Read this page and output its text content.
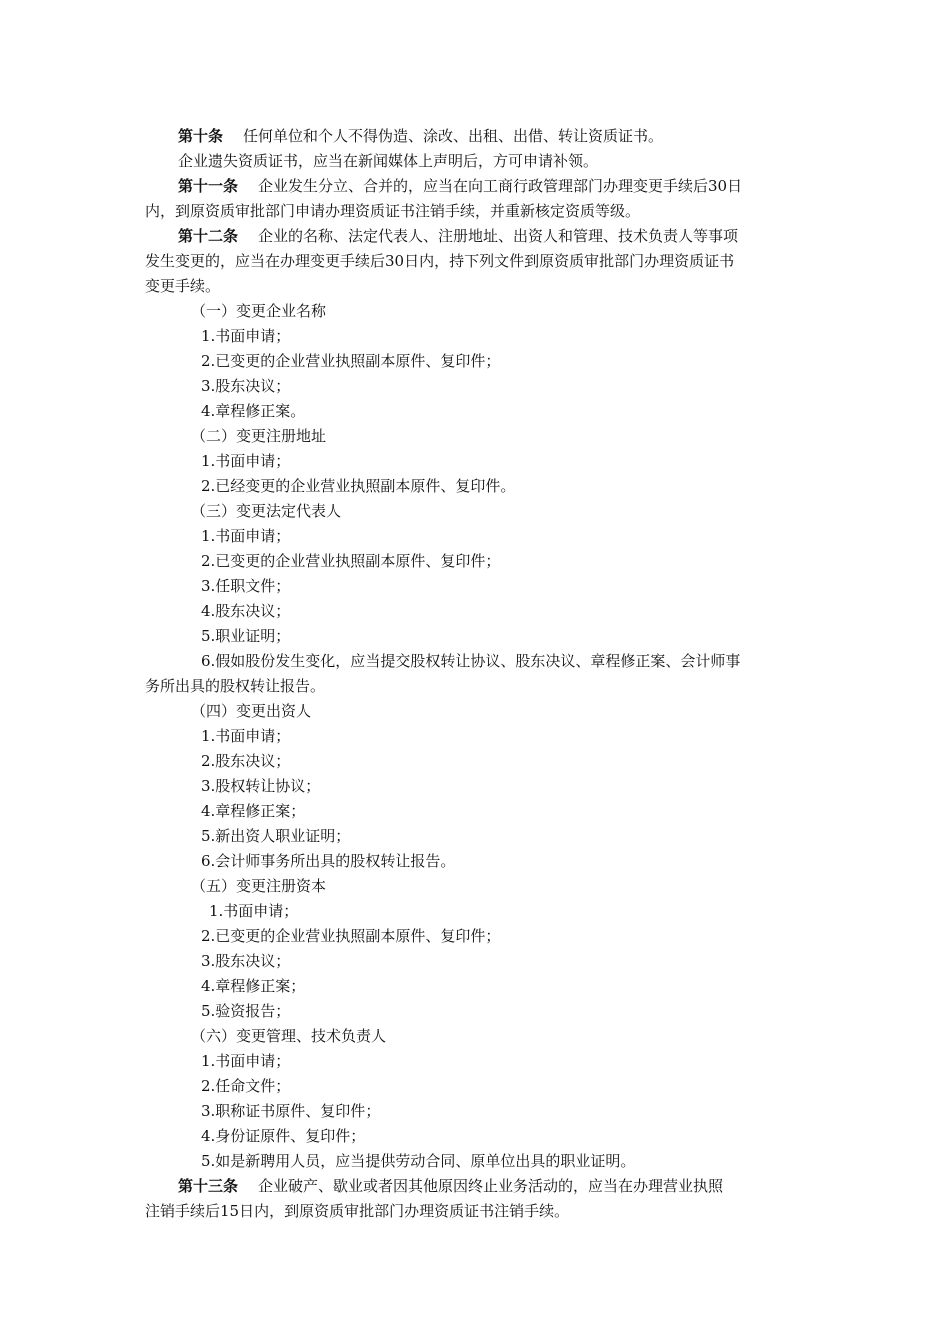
第十条 任何单位和个人不得伪造、涂改、出租、出借、转让资质证书。
企业遗失资质证书，应当在新闻媒体上声明后，方可申请补领。
第十一条 企业发生分立、合并的，应当在向工商行政管理部门办理变更手续后30日
内，到原资质审批部门申请办理资质证书注销手续，并重新核定资质等级。
第十二条 企业的名称、法定代表人、注册地址、出资人和管理、技术负责人等事项
发生变更的，应当在办理变更手续后30日内，持下列文件到原资质审批部门办理资质证书
变更手续。
（一）变更企业名称
1.书面申请；
2.已变更的企业营业执照副本原件、复印件；
3.股东决议；
4.章程修正案。
（二）变更注册地址
1.书面申请；
2.已经变更的企业营业执照副本原件、复印件。
（三）变更法定代表人
1.书面申请；
2.已变更的企业营业执照副本原件、复印件；
3.任职文件；
4.股东决议；
5.职业证明；
6.假如股份发生变化，应当提交股权转让协议、股东决议、章程修正案、会计师事
务所出具的股权转让报告。
（四）变更出资人
1.书面申请；
2.股东决议；
3.股权转让协议；
4.章程修正案；
5.新出资人职业证明；
6.会计师事务所出具的股权转让报告。
（五）变更注册资本
1.书面申请；
2.已变更的企业营业执照副本原件、复印件；
3.股东决议；
4.章程修正案；
5.验资报告；
（六）变更管理、技术负责人
1.书面申请；
2.任命文件；
3.职称证书原件、复印件；
4.身份证原件、复印件；
5.如是新聘用人员，应当提供劳动合同、原单位出具的职业证明。
第十三条 企业破产、歇业或者因其他原因终止业务活动的，应当在办理营业执照
注销手续后15日内，到原资质审批部门办理资质证书注销手续。
